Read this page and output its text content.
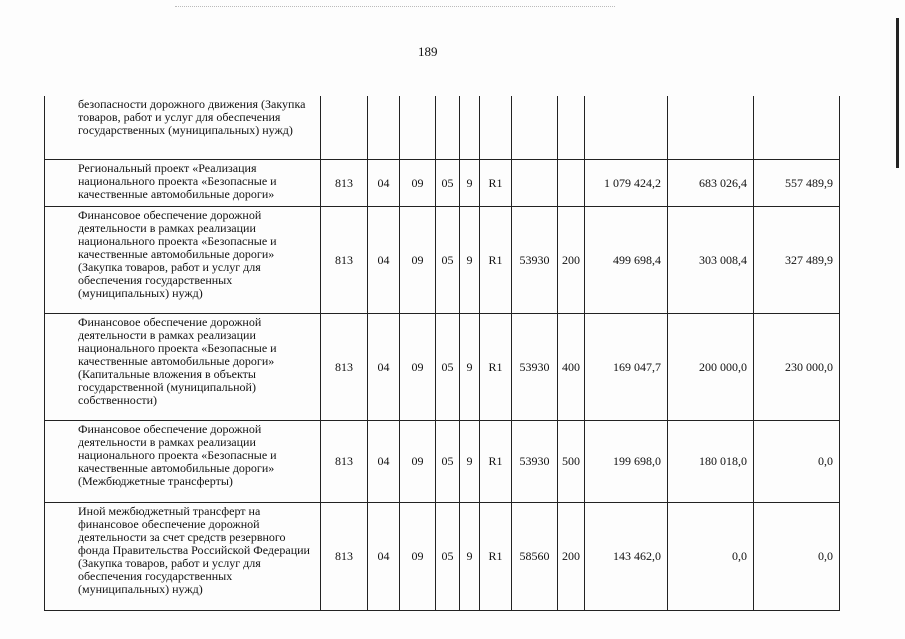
189
безопасности дорожного движения (Закупка товаров, работ и услуг для обеспечения государственных (муниципальных) нужд)											
Региональный проект «Реализация национального проекта «Безопасные и качественные автомобильные дороги»	813	04	09	05	9	R1			1 079 424,2	683 026,4	557 489,9
Финансовое обеспечение дорожной деятельности в рамках реализации национального проекта «Безопасные и качественные автомобильные дороги» (Закупка товаров, работ и услуг для обеспечения государственных (муниципальных) нужд)	813	04	09	05	9	R1	53930	200	499 698,4	303 008,4	327 489,9
Финансовое обеспечение дорожной деятельности в рамках реализации национального проекта «Безопасные и качественные автомобильные дороги» (Капитальные вложения в объекты государственной (муниципальной) собственности)	813	04	09	05	9	R1	53930	400	169 047,7	200 000,0	230 000,0
Финансовое обеспечение дорожной деятельности в рамках реализации национального проекта «Безопасные и качественные автомобильные дороги» (Межбюджетные трансферты)	813	04	09	05	9	R1	53930	500	199 698,0	180 018,0	0,0
Иной межбюджетный трансферт на финансовое обеспечение дорожной деятельности за счет средств резервного фонда Правительства Российской Федерации (Закупка товаров, работ и услуг для обеспечения государственных (муниципальных) нужд)	813	04	09	05	9	R1	58560	200	143 462,0	0,0	0,0
